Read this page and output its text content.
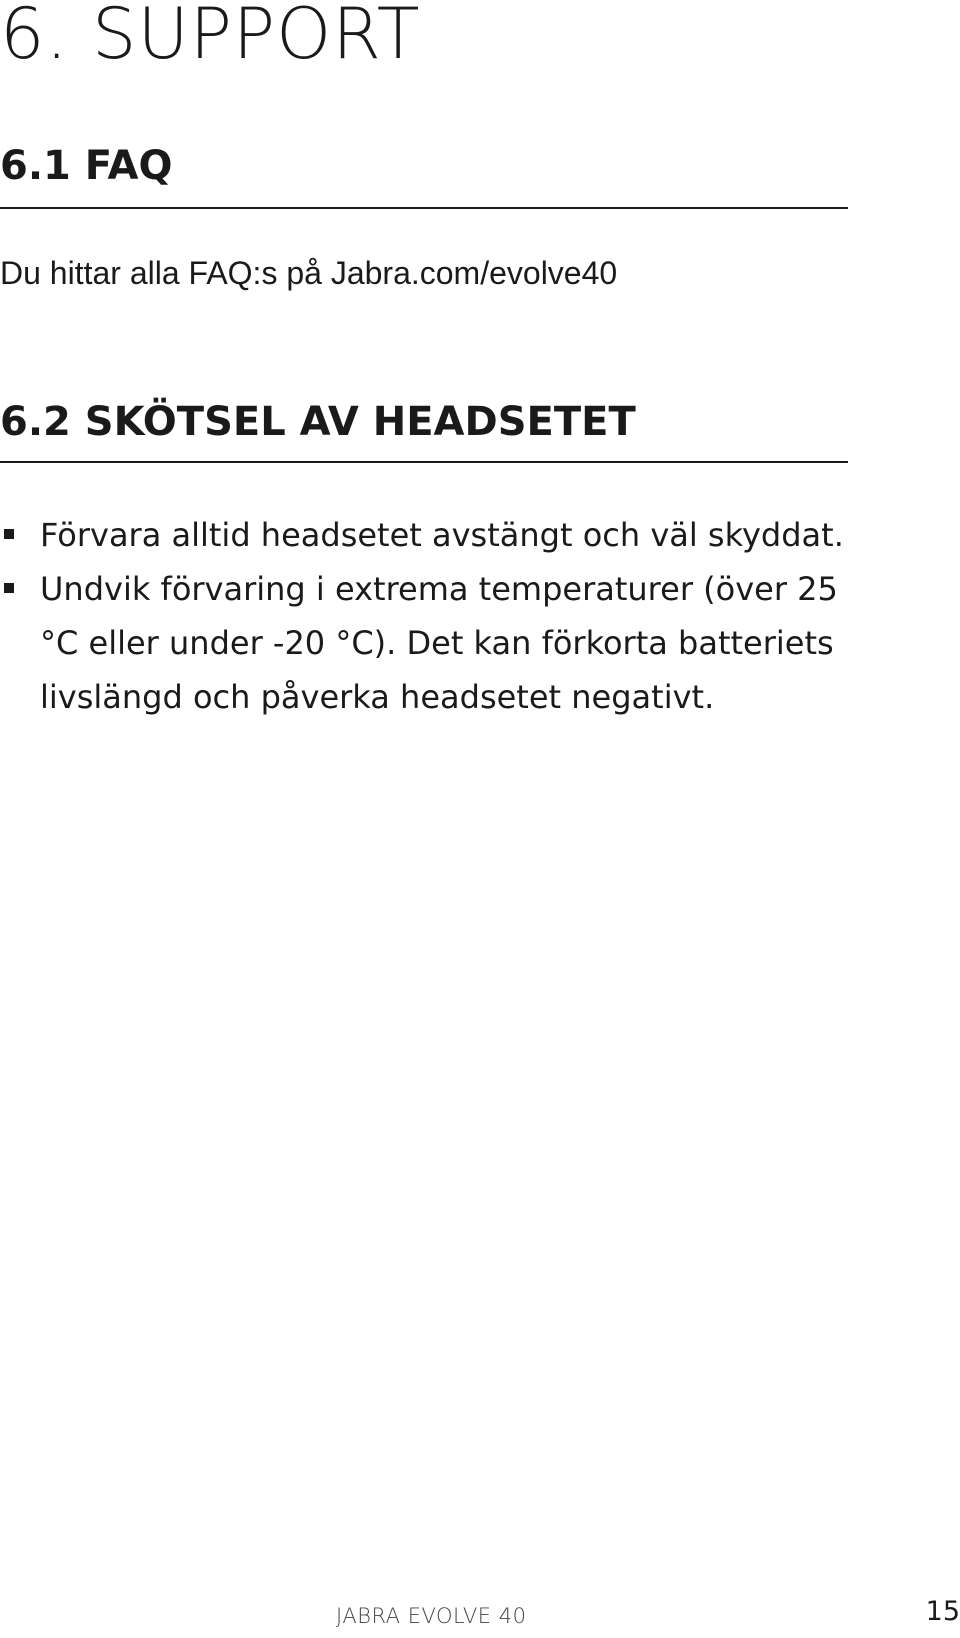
6. SUPPORT
6.1 FAQ

Du hittar alla FAQ:s på Jabra.com/evolve40

6.2 SKÖTSEL AV HEADSETET
Förvara alltid headsetet avstängt och väl skyddat.
Undvik förvaring i extrema temperaturer (över 25 °C eller under -20 °C). Det kan förkorta batteriets livslängd och påverka headsetet negativt.
JABRA EVOLVE 40	15
